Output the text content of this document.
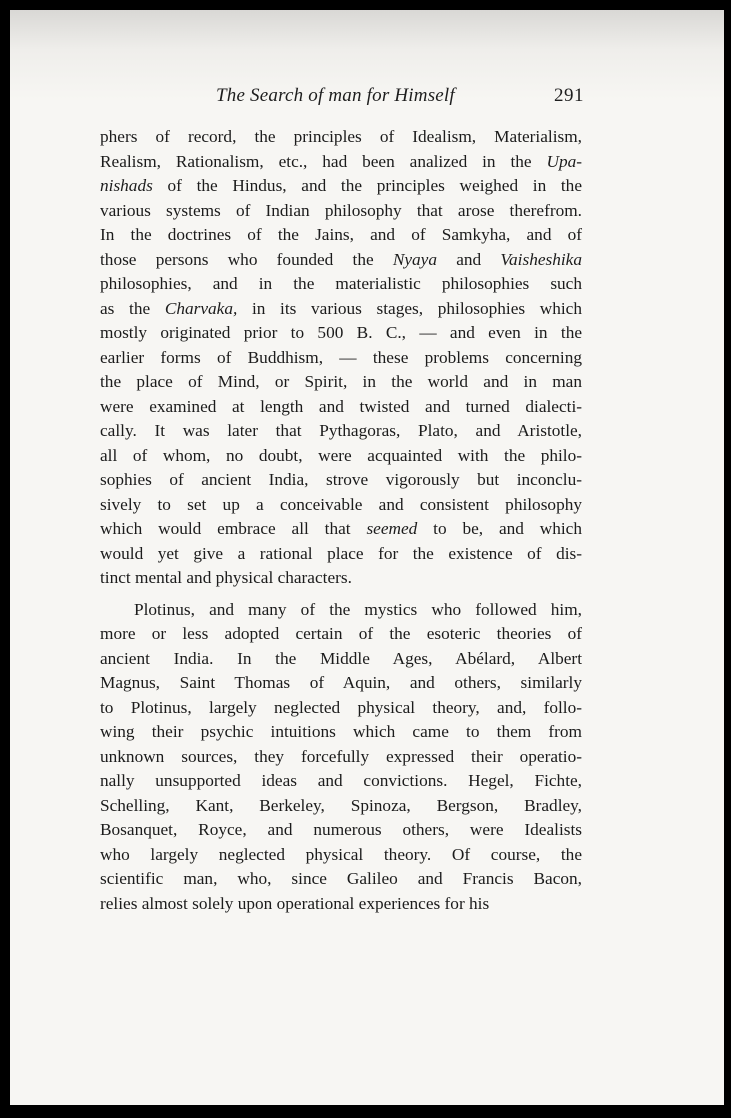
The Search of man for Himself	291
phers of record, the principles of Idealism, Materialism,
Realism, Rationalism, etc., had been analized in the Upa-
nishads of the Hindus, and the principles weighed in the
various systems of Indian philosophy that arose therefrom.
In the doctrines of the Jains, and of Samkyha, and of
those persons who founded the Nyaya and Vaisheshika
philosophies, and in the materialistic philosophies such
as the Charvaka, in its various stages, philosophies which
mostly originated prior to 500 B. C., — and even in the
earlier forms of Buddhism, — these problems concerning
the place of Mind, or Spirit, in the world and in man
were examined at length and twisted and turned dialecti-
cally. It was later that Pythagoras, Plato, and Aristotle,
all of whom, no doubt, were acquainted with the philo-
sophies of ancient India, strove vigorously but inconclu-
sively to set up a conceivable and consistent philosophy
which would embrace all that seemed to be, and which
would yet give a rational place for the existence of dis-
tinct mental and physical characters.
Plotinus, and many of the mystics who followed him,
more or less adopted certain of the esoteric theories of
ancient India. In the Middle Ages, Abélard, Albert
Magnus, Saint Thomas of Aquin, and others, similarly
to Plotinus, largely neglected physical theory, and, follo-
wing their psychic intuitions which came to them from
unknown sources, they forcefully expressed their operatio-
nally unsupported ideas and convictions. Hegel, Fichte,
Schelling, Kant, Berkeley, Spinoza, Bergson, Bradley,
Bosanquet, Royce, and numerous others, were Idealists
who largely neglected physical theory. Of course, the
scientific man, who, since Galileo and Francis Bacon,
relies almost solely upon operational experiences for his
